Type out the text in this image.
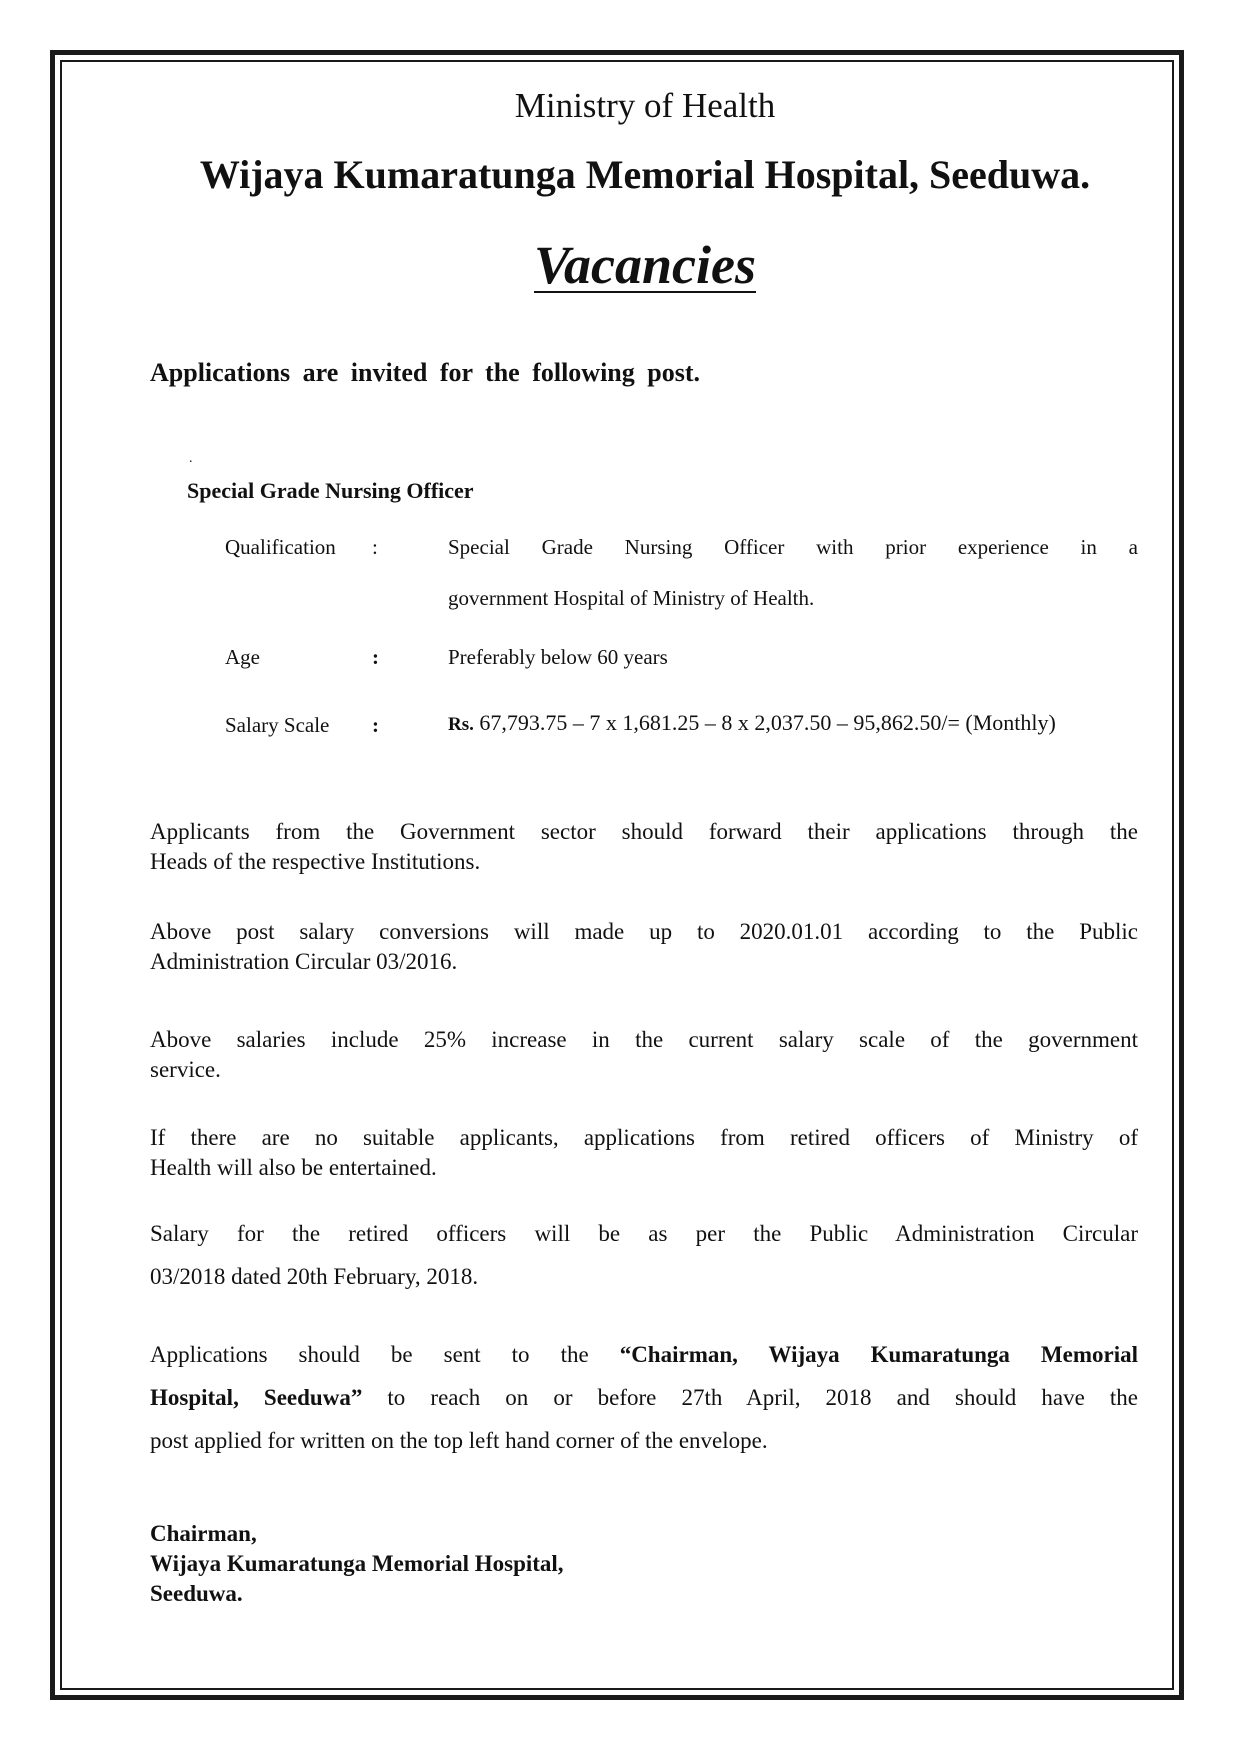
Ministry of Health
Wijaya Kumaratunga Memorial Hospital, Seeduwa.
Vacancies
Applications are invited for the following post.
.
Special Grade Nursing Officer
Qualification :	Special Grade Nursing Officer with prior experience in a
government Hospital of Ministry of Health.
Age	:	Preferably below 60 years
Salary Scale :	Rs. 67,793.75 – 7 x 1,681.25 – 8 x 2,037.50 – 95,862.50/= (Monthly)
Applicants from the Government sector should forward their applications through the
Heads of the respective Institutions.
Above post salary conversions will made up to 2020.01.01 according to the Public
Administration Circular 03/2016.
Above salaries include 25% increase in the current salary scale of the government
service.
If there are no suitable applicants, applications from retired officers of Ministry of
Health will also be entertained.
Salary for the retired officers will be as per the Public Administration Circular
03/2018 dated 20th February, 2018.
Applications should be sent to the “Chairman, Wijaya Kumaratunga Memorial
Hospital, Seeduwa” to reach on or before 27th April, 2018 and should have the
post applied for written on the top left hand corner of the envelope.
Chairman,
Wijaya Kumaratunga Memorial Hospital,
Seeduwa.
